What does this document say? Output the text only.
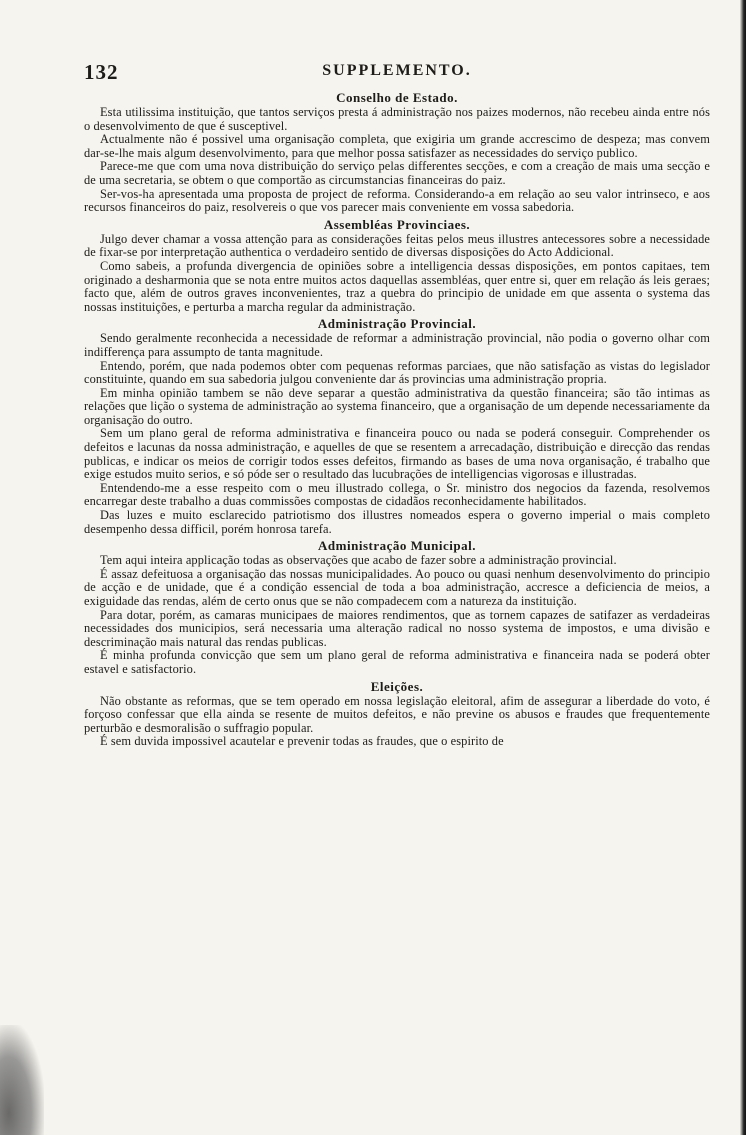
132	SUPPLEMENTO.
Conselho de Estado.

Esta utilissima instituição, que tantos serviços presta á administração nos paizes modernos, não recebeu ainda entre nós o desenvolvimento de que é susceptivel.

Actualmente não é possivel uma organisação completa, que exigiria um grande accrescimo de despeza; mas convem dar-se-lhe mais algum desenvolvimento, para que melhor possa satisfazer as necessidades do serviço publico.

Parece-me que com uma nova distribuição do serviço pelas differentes secções, e com a creação de mais uma secção e de uma secretaria, se obtem o que comportão as circumstancias financeiras do paiz.

Ser-vos-ha apresentada uma proposta de project de reforma. Considerando-a em relação ao seu valor intrinseco, e aos recursos financeiros do paiz, resolvereis o que vos parecer mais conveniente em vossa sabedoria.

Assembléas Provinciaes.

Julgo dever chamar a vossa attenção para as considerações feitas pelos meus illustres antecessores sobre a necessidade de fixar-se por interpretação authentica o verdadeiro sentido de diversas disposições do Acto Addicional.

Como sabeis, a profunda divergencia de opiniões sobre a intelligencia dessas disposições, em pontos capitaes, tem originado a desharmonia que se nota entre muitos actos daquellas assembléas, quer entre si, quer em relação ás leis geraes; facto que, além de outros graves inconvenientes, traz a quebra do principio de unidade em que assenta o systema das nossas instituições, e perturba a marcha regular da administração.

Administração Provincial.

Sendo geralmente reconhecida a necessidade de reformar a administração provincial, não podia o governo olhar com indifferença para assumpto de tanta magnitude.

Entendo, porém, que nada podemos obter com pequenas reformas parciaes, que não satisfação as vistas do legislador constituinte, quando em sua sabedoria julgou conveniente dar ás provincias uma administração propria.

Em minha opinião tambem se não deve separar a questão administrativa da questão financeira; são tão intimas as relações que lição o systema de administração ao systema financeiro, que a organisação de um depende necessariamente da organisação do outro.

Sem um plano geral de reforma administrativa e financeira pouco ou nada se poderá conseguir. Comprehender os defeitos e lacunas da nossa administração, e aquelles de que se resentem a arrecadação, distribuição e direcção das rendas publicas, e indicar os meios de corrigir todos esses defeitos, firmando as bases de uma nova organisação, é trabalho que exige estudos muito serios, e só póde ser o resultado das lucubrações de intelligencias vigorosas e illustradas.

Entendendo-me a esse respeito com o meu illustrado collega, o Sr. ministro dos negocios da fazenda, resolvemos encarregar deste trabalho a duas commissões compostas de cidadãos reconhecidamente habilitados.

Das luzes e muito esclarecido patriotismo dos illustres nomeados espera o governo imperial o mais completo desempenho dessa difficil, porém honrosa tarefa.

Administração Municipal.

Tem aqui inteira applicação todas as observações que acabo de fazer sobre a administração provincial.

É assaz defeituosa a organisação das nossas municipalidades. Ao pouco ou quasi nenhum desenvolvimento do principio de acção e de unidade, que é a condição essencial de toda a boa administração, accresce a deficiencia de meios, a exiguidade das rendas, além de certo onus que se não compadecem com a natureza da instituição.

Para dotar, porém, as camaras municipaes de maiores rendimentos, que as tornem capazes de satifazer as verdadeiras necessidades dos municipios, será necessaria uma alteração radical no nosso systema de impostos, e uma divisão e descriminação mais natural das rendas publicas.

É minha profunda convicção que sem um plano geral de reforma administrativa e financeira nada se poderá obter estavel e satisfactorio.

Eleições.

Não obstante as reformas, que se tem operado em nossa legislação eleitoral, afim de assegurar a liberdade do voto, é forçoso confessar que ella ainda se resente de muitos defeitos, e não previne os abusos e fraudes que frequentemente perturbão e desmoralisão o suffragio popular.

É sem duvida impossivel acautelar e prevenir todas as fraudes, que o espirito de
